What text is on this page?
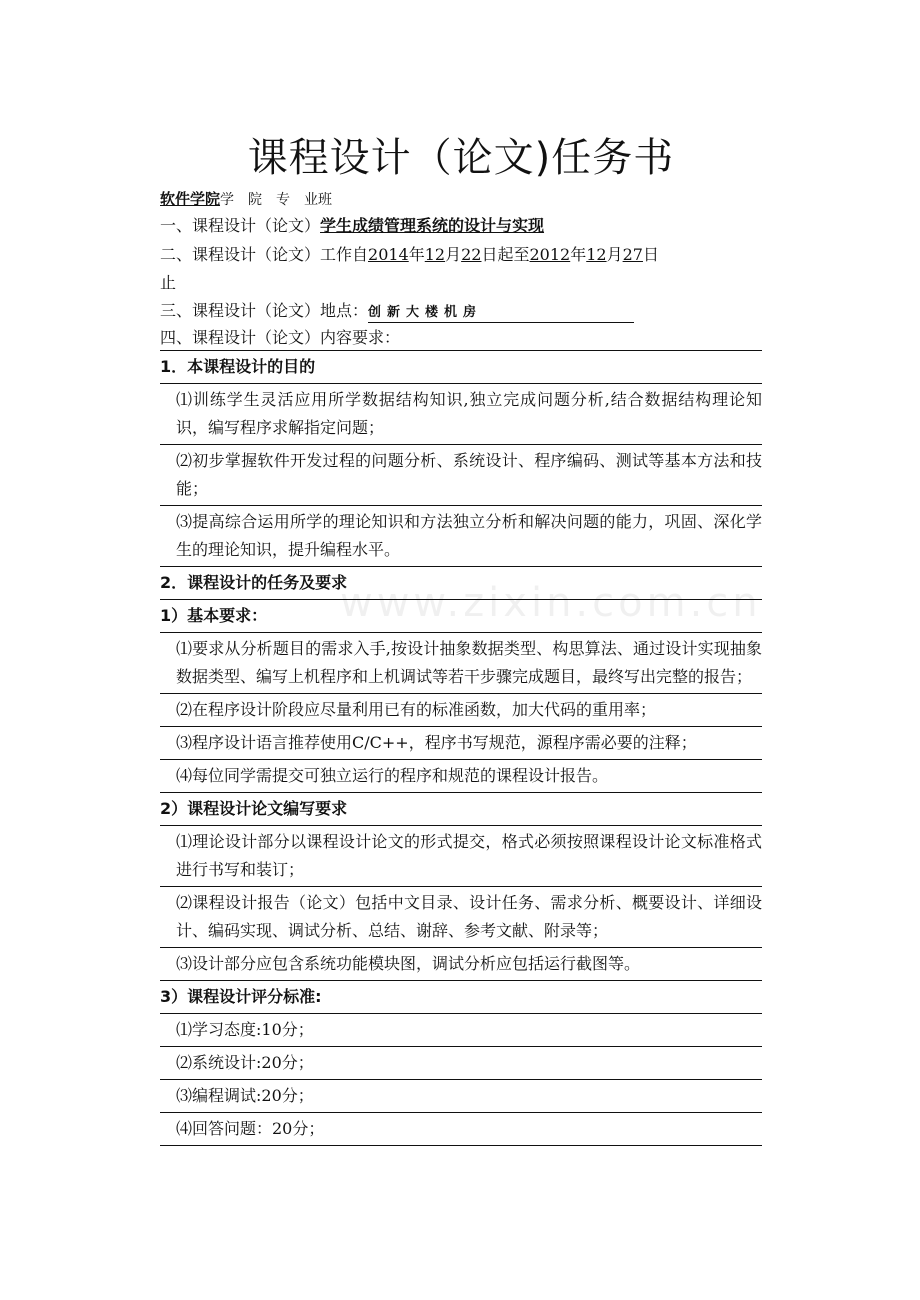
www.zixin.com.cn
课程设计（论文)任务书
软件学院学　院　专　业班
一、课程设计（论文）学生成绩管理系统的设计与实现
二、课程设计（论文）工作自2014年12月22日起至2012年12月27日
止
三、课程设计（论文）地点：创新大楼机房
四、课程设计（论文）内容要求：
1．本课程设计的目的
⑴训练学生灵活应用所学数据结构知识,独立完成问题分析,结合数据结构理论知识，编写程序求解指定问题；
⑵初步掌握软件开发过程的问题分析、系统设计、程序编码、测试等基本方法和技能；
⑶提高综合运用所学的理论知识和方法独立分析和解决问题的能力，巩固、深化学生的理论知识，提升编程水平。
2．课程设计的任务及要求
1）基本要求：
⑴要求从分析题目的需求入手,按设计抽象数据类型、构思算法、通过设计实现抽象数据类型、编写上机程序和上机调试等若干步骤完成题目，最终写出完整的报告；
⑵在程序设计阶段应尽量利用已有的标准函数，加大代码的重用率；
⑶程序设计语言推荐使用C/C++，程序书写规范，源程序需必要的注释；
⑷每位同学需提交可独立运行的程序和规范的课程设计报告。
2）课程设计论文编写要求
⑴理论设计部分以课程设计论文的形式提交，格式必须按照课程设计论文标准格式进行书写和装订；
⑵课程设计报告（论文）包括中文目录、设计任务、需求分析、概要设计、详细设计、编码实现、调试分析、总结、谢辞、参考文献、附录等；
⑶设计部分应包含系统功能模块图，调试分析应包括运行截图等。
3）课程设计评分标准:
⑴学习态度:10分；
⑵系统设计:20分；
⑶编程调试:20分；
⑷回答问题：20分；
